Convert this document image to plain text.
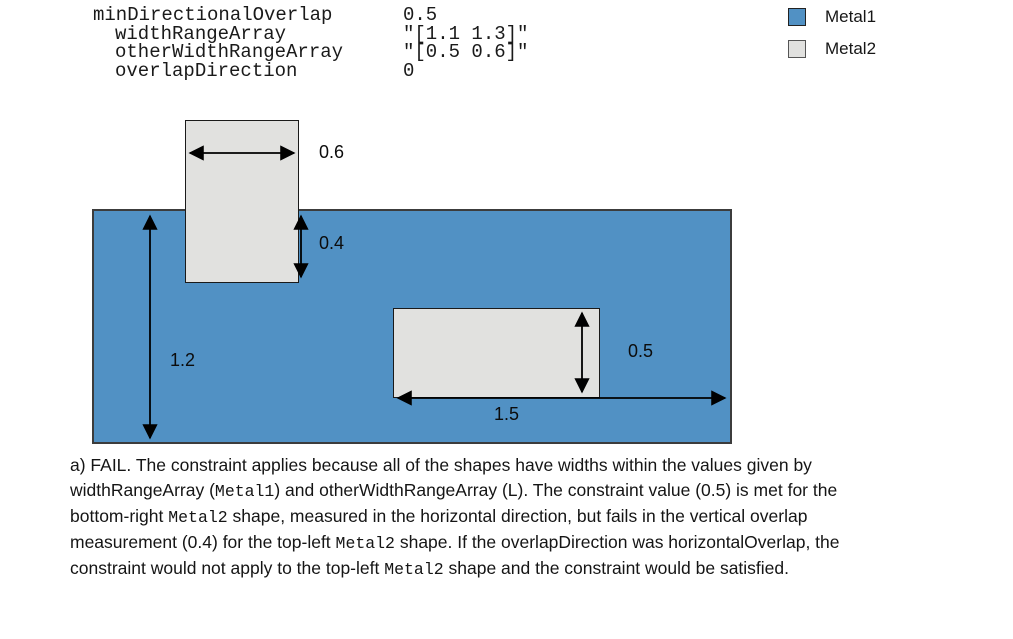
minDirectionalOverlap	0.5
widthRangeArray	"[1.1 1.3]"
otherWidthRangeArray	"[0.5 0.6]"
overlapDirection	0
Metal1
Metal2
0.6
0.4
1.2	0.5
1.5

a) FAIL. The constraint applies because all of the shapes have widths within the values given by widthRangeArray (Metal1) and otherWidthRangeArray (L). The constraint value (0.5) is met for the bottom-right Metal2 shape, measured in the horizontal direction, but fails in the vertical overlap measurement (0.4) for the top-left Metal2 shape. If the overlapDirection was horizontalOverlap, the constraint would not apply to the top-left Metal2 shape and the constraint would be satisfied.
